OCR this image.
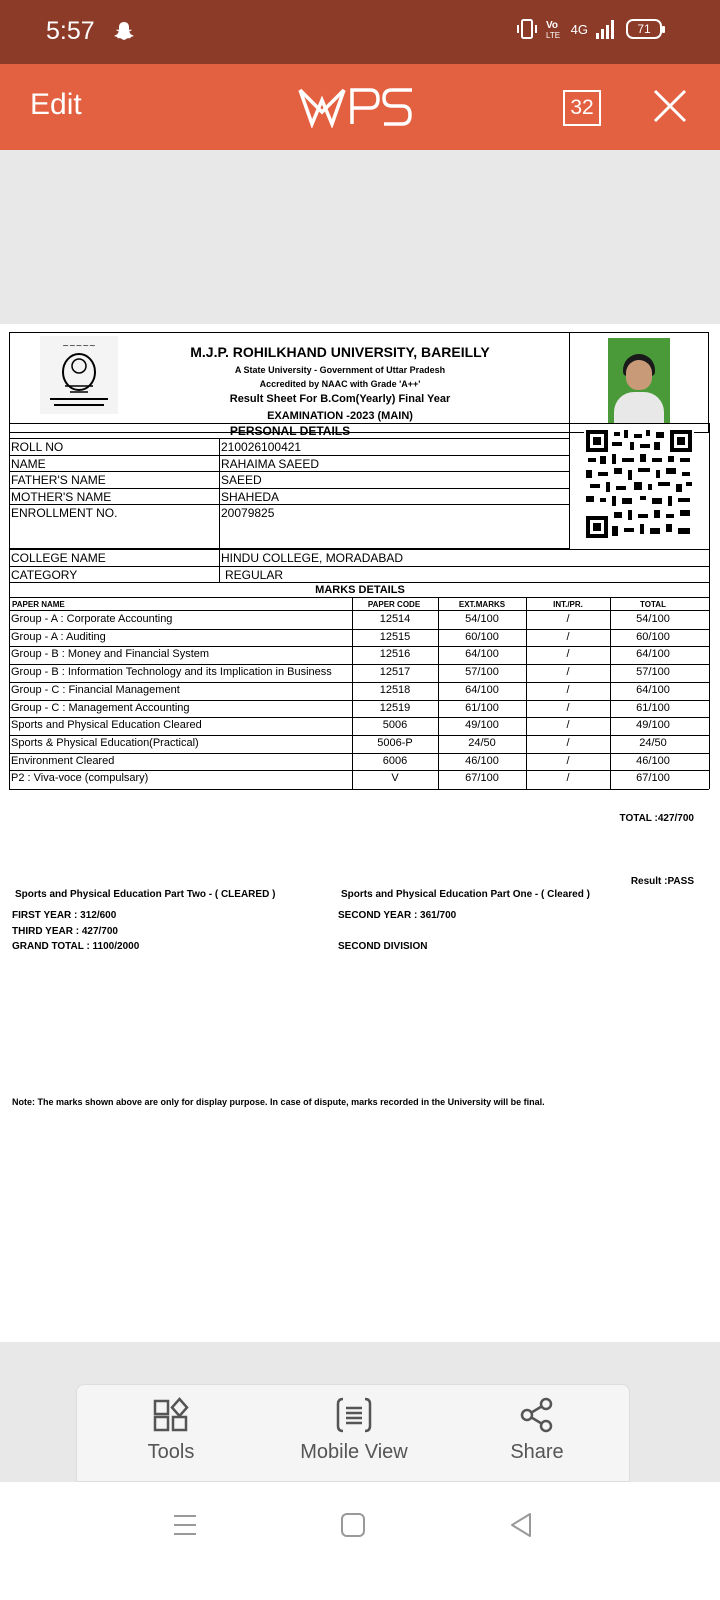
5:57	Vo
LTE 4G	71
Edit	32
~~~~~	M.J.P. ROHILKHAND UNIVERSITY, BAREILLY
A State University - Government of Uttar Pradesh
Accredited by NAAC with Grade 'A++'
Result Sheet For B.Com(Yearly) Final Year
EXAMINATION -2023 (MAIN)
PERSONAL DETAILS
ROLL NO	210026100421
NAME	RAHAIMA SAEED
FATHER'S NAME	SAEED
MOTHER'S NAME	SHAHEDA
ENROLLMENT NO.	20079825
COLLEGE NAME	HINDU COLLEGE, MORADABAD
CATEGORY	REGULAR
MARKS DETAILS
PAPER NAME	PAPER CODE	EXT.MARKS	INT./PR.	TOTAL
Group - A : Corporate Accounting	12514	54/100	/	54/100
Group - A : Auditing	12515	60/100	/	60/100
Group - B : Money and Financial System	12516	64/100	/	64/100
Group - B : Information Technology and its Implication in Business	12517	57/100	/	57/100
Group - C : Financial Management	12518	64/100	/	64/100
Group - C : Management Accounting	12519	61/100	/	61/100
Sports and Physical Education Cleared	5006	49/100	/	49/100
Sports & Physical Education(Practical)	5006-P	24/50	/	24/50
Environment Cleared	6006	46/100	/	46/100
P2 : Viva-voce (compulsary)	V	67/100	/	67/100
TOTAL :427/700
Result :PASS
Sports and Physical Education Part Two - ( CLEARED )	Sports and Physical Education Part One - ( Cleared )
FIRST YEAR : 312/600	SECOND YEAR : 361/700
THIRD YEAR : 427/700
GRAND TOTAL : 1100/2000	SECOND DIVISION
Note: The marks shown above are only for display purpose. In case of dispute, marks recorded in the University will be final.
Tools	Mobile View	Share
